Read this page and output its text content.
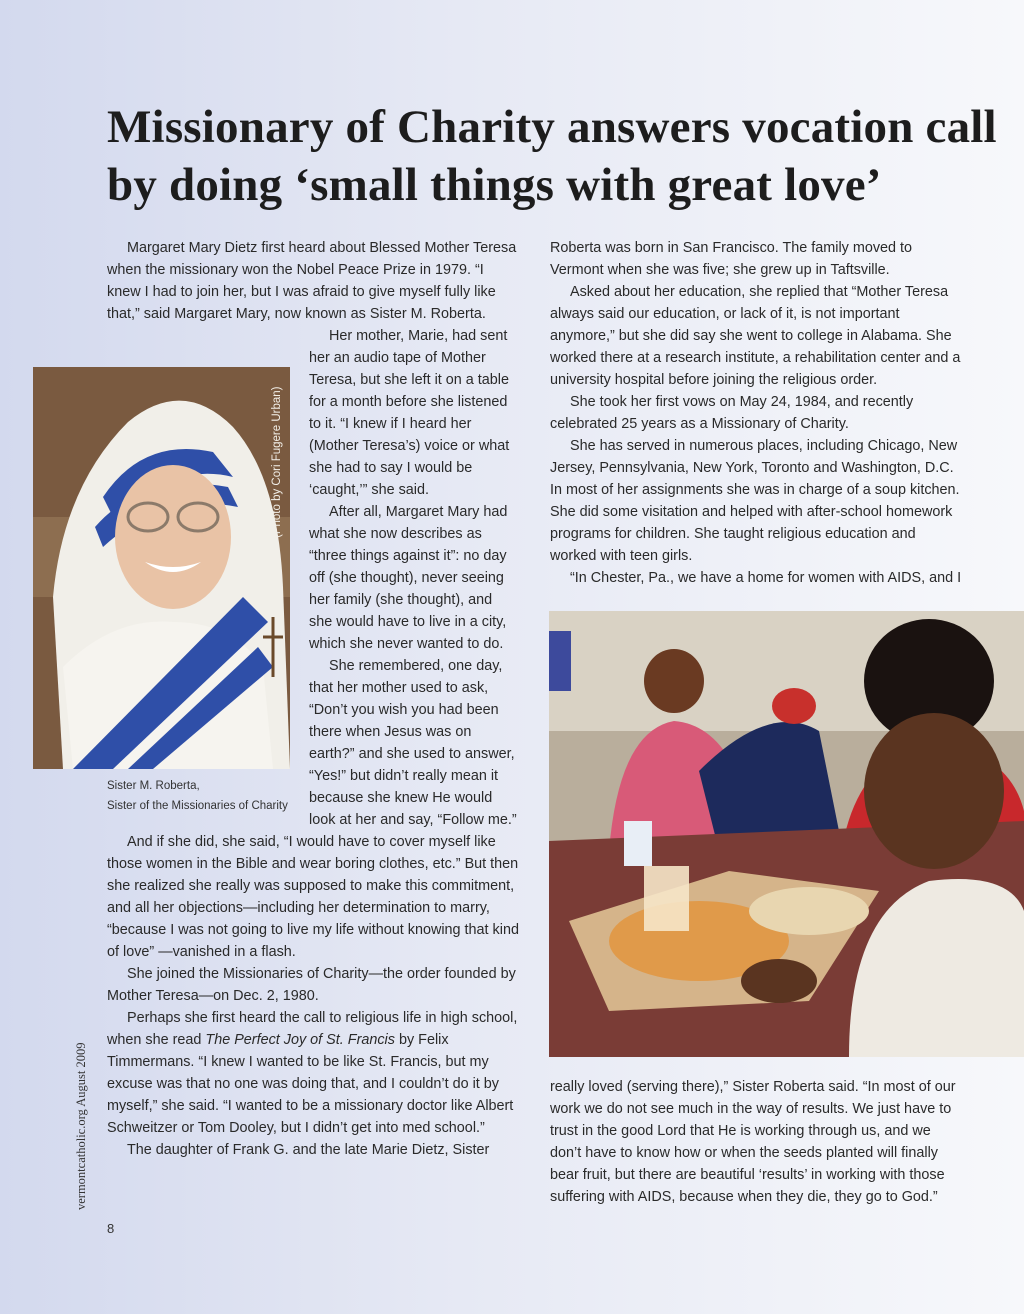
Missionary of Charity answers vocation call
by doing ‘small things with great love’

Margaret Mary Dietz first heard about Blessed Mother Teresa when the missionary won the Nobel Peace Prize in 1979. “I knew I had to join her, but I was afraid to give myself fully like that,” said Margaret Mary, now known as Sister M. Roberta.

Her mother, Marie, had sent her an audio tape of Mother Teresa, but she left it on a table for a month before she listened to it. “I knew if I heard her (Mother Teresa’s) voice or what she had to say I would be ‘caught,’” she said.

After all, Margaret Mary had what she now describes as “three things against it”: no day off (she thought), never seeing her family (she thought), and she would have to live in a city, which she never wanted to do.

She remembered, one day, that her mother used to ask, “Don’t you wish you had been there when Jesus was on earth?” and she used to answer, “Yes!” but didn’t really mean it because she knew He would look at her and say, “Follow me.”

And if she did, she said, “I would have to cover myself like those women in the Bible and wear boring clothes, etc.” But then she realized she really was supposed to make this commitment, and all her objections—including her determination to marry, “because I was not going to live my life without knowing that kind of love” —vanished in a flash.

She joined the Missionaries of Charity—the order founded by Mother Teresa—on Dec. 2, 1980.

Perhaps she first heard the call to religious life in high school, when she read The Perfect Joy of St. Francis by Felix Timmermans. “I knew I wanted to be like St. Francis, but my excuse was that no one was doing that, and I couldn’t do it by myself,” she said. “I wanted to be a missionary doctor like Albert Schweitzer or Tom Dooley, but I didn’t get into med school.”

The daughter of Frank G. and the late Marie Dietz, Sister

Roberta was born in San Francisco. The family moved to Vermont when she was five; she grew up in Taftsville.

Asked about her education, she replied that “Mother Teresa always said our education, or lack of it, is not important anymore,” but she did say she went to college in Alabama. She worked there at a research institute, a rehabilitation center and a university hospital before joining the religious order.

She took her first vows on May 24, 1984, and recently celebrated 25 years as a Missionary of Charity.

She has served in numerous places, including Chicago, New Jersey, Pennsylvania, New York, Toronto and Washington, D.C. In most of her assignments she was in charge of a soup kitchen. She did some visitation and helped with after-school homework programs for children. She taught religious education and worked with teen girls.

“In Chester, Pa., we have a home for women with AIDS, and I

really loved (serving there),” Sister Roberta said. “In most of our work we do not see much in the way of results. We just have to trust in the good Lord that He is working through us, and we don’t have to know how or when the seeds planted will finally bear fruit, but there are beautiful ‘results’ in working with those suffering with AIDS, because when they die, they go to God.”

(Photo by Cori Fugere Urban)
Sister M. Roberta,
Sister of the Missionaries of Charity
vermontcatholic.org August 2009
8
